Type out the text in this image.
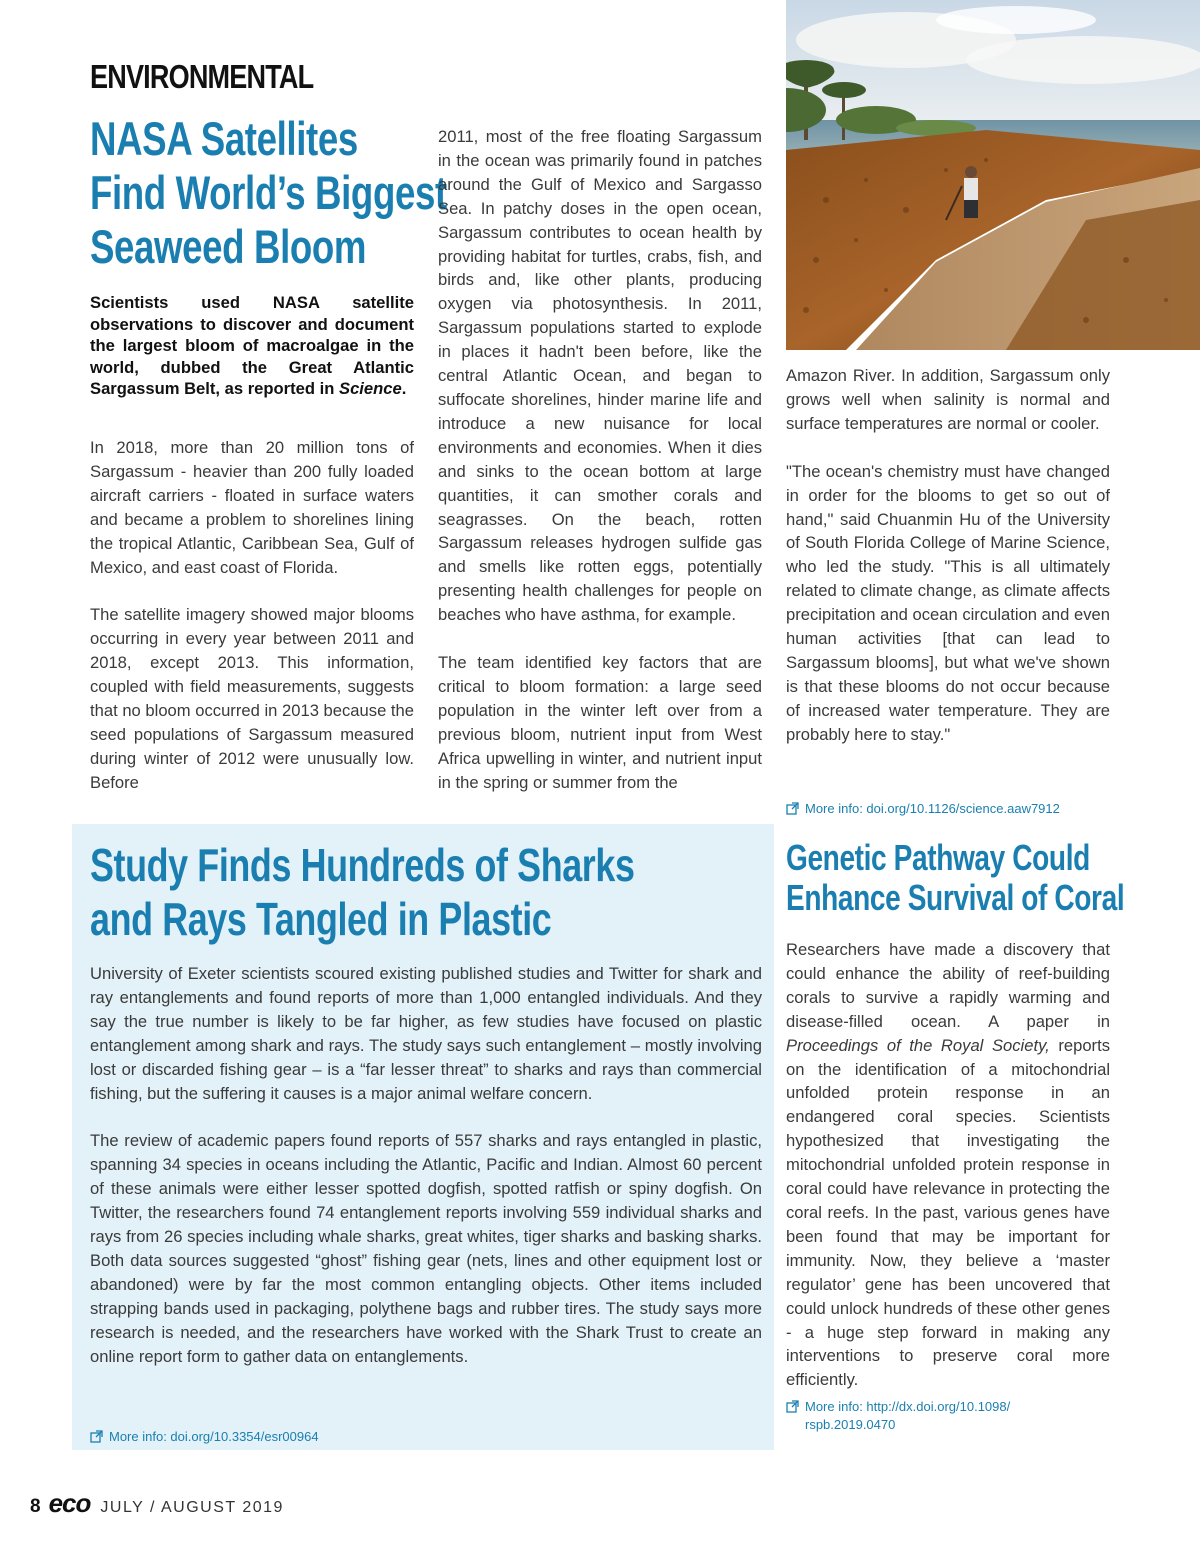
ENVIRONMENTAL
NASA Satellites
Find World’s Biggest
Seaweed Bloom
Scientists used NASA satellite observations to discover and document the largest bloom of macroalgae in the world, dubbed the Great Atlantic Sargassum Belt, as reported in Science.

In 2018, more than 20 million tons of Sargassum - heavier than 200 fully loaded aircraft carriers - floated in surface waters and became a problem to shorelines lining the tropical Atlantic, Caribbean Sea, Gulf of Mexico, and east coast of Florida.

The satellite imagery showed major blooms occurring in every year between 2011 and 2018, except 2013. This information, coupled with field measurements, suggests that no bloom occurred in 2013 because the seed populations of Sargassum measured during winter of 2012 were unusually low. Before

2011, most of the free floating Sargassum in the ocean was primarily found in patches around the Gulf of Mexico and Sargasso Sea. In patchy doses in the open ocean, Sargassum contributes to ocean health by providing habitat for turtles, crabs, fish, and birds and, like other plants, producing oxygen via photosynthesis. In 2011, Sargassum populations started to explode in places it hadn't been before, like the central Atlantic Ocean, and began to suffocate shorelines, hinder marine life and introduce a new nuisance for local environments and economies. When it dies and sinks to the ocean bottom at large quantities, it can smother corals and seagrasses. On the beach, rotten Sargassum releases hydrogen sulfide gas and smells like rotten eggs, potentially presenting health challenges for people on beaches who have asthma, for example.

The team identified key factors that are critical to bloom formation: a large seed population in the winter left over from a previous bloom, nutrient input from West Africa upwelling in winter, and nutrient input in the spring or summer from the

Amazon River. In addition, Sargassum only grows well when salinity is normal and surface temperatures are normal or cooler.

"The ocean's chemistry must have changed in order for the blooms to get so out of hand," said Chuanmin Hu of the University of South Florida College of Marine Science, who led the study. "This is all ultimately related to climate change, as climate affects precipitation and ocean circulation and even human activities [that can lead to Sargassum blooms], but what we've shown is that these blooms do not occur because of increased water temperature. They are probably here to stay."

More info: doi.org/10.1126/science.aaw7912
Study Finds Hundreds of Sharks
and Rays Tangled in Plastic

University of Exeter scientists scoured existing published studies and Twitter for shark and ray entanglements and found reports of more than 1,000 entangled individuals. And they say the true number is likely to be far higher, as few studies have focused on plastic entanglement among shark and rays. The study says such entanglement – mostly involving lost or discarded fishing gear – is a “far lesser threat” to sharks and rays than commercial fishing, but the suffering it causes is a major animal welfare concern.

The review of academic papers found reports of 557 sharks and rays entangled in plastic, spanning 34 species in oceans including the Atlantic, Pacific and Indian. Almost 60 percent of these animals were either lesser spotted dogfish, spotted ratfish or spiny dogfish. On Twitter, the researchers found 74 entanglement reports involving 559 individual sharks and rays from 26 species including whale sharks, great whites, tiger sharks and basking sharks. Both data sources suggested “ghost” fishing gear (nets, lines and other equipment lost or abandoned) were by far the most common entangling objects. Other items included strapping bands used in packaging, polythene bags and rubber tires. The study says more research is needed, and the researchers have worked with the Shark Trust to create an online report form to gather data on entanglements.

More info: doi.org/10.3354/esr00964
Genetic Pathway Could
Enhance Survival of Coral

Researchers have made a discovery that could enhance the ability of reef-building corals to survive a rapidly warming and disease-filled ocean. A paper in Proceedings of the Royal Society, reports on the identification of a mitochondrial unfolded protein response in an endangered coral species. Scientists hypothesized that investigating the mitochondrial unfolded protein response in coral could have relevance in protecting the coral reefs. In the past, various genes have been found that may be important for immunity. Now, they believe a ‘master regulator’ gene has been uncovered that could unlock hundreds of these other genes - a huge step forward in making any interventions to preserve coral more efficiently.

More info: http://dx.doi.org/10.1098/
rspb.2019.0470
8 eco JULY / AUGUST 2019
